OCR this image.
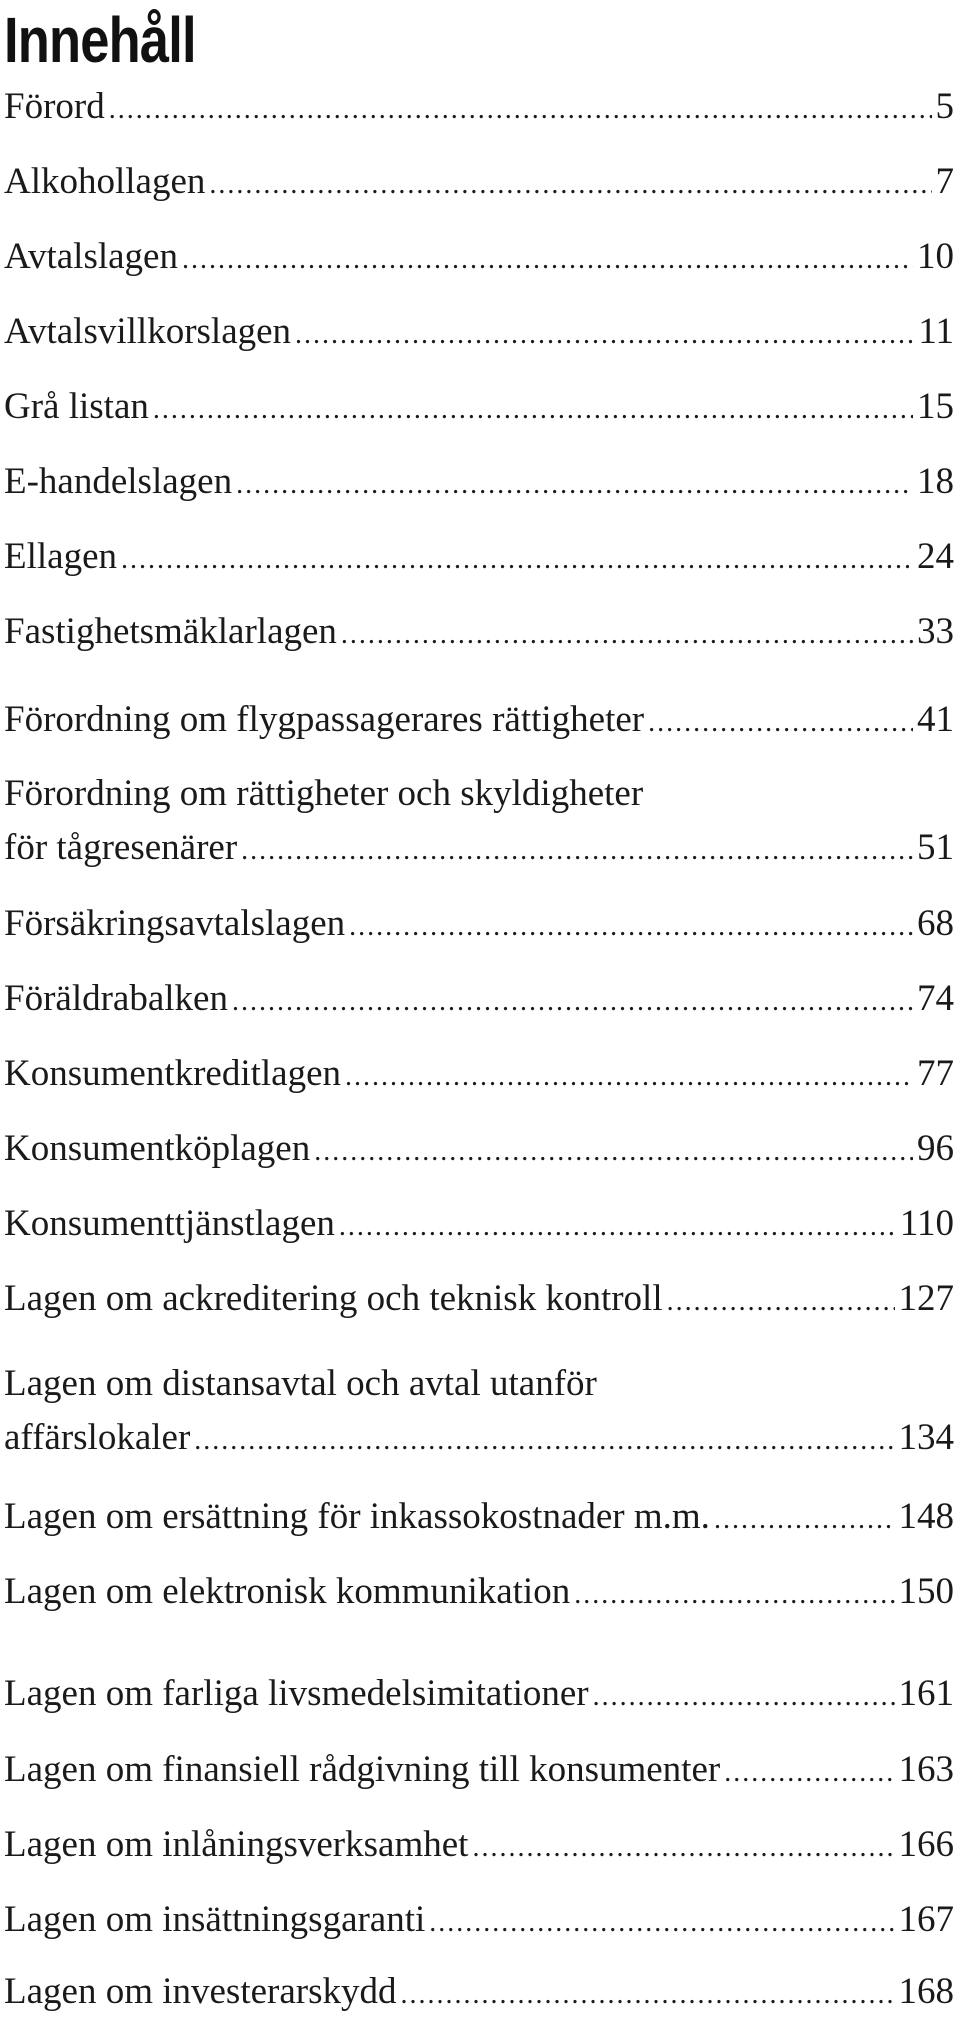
Innehåll
Förord .....	5
Alkohollagen .....	7
Avtalslagen .....	10
Avtalsvillkorslagen .....	11
Grå listan .....	15
E-handelslagen .....	18
Ellagen .....	24
Fastighetsmäklarlagen .....	33
Förordning om flygpassagerares rättigheter .....	41
Förordning om rättigheter och skyldigheter
för tågresenärer .....	51
Försäkringsavtalslagen .....	68
Föräldrabalken .....	74
Konsumentkreditlagen .....	77
Konsumentköplagen .....	96
Konsumenttjänstlagen .....	110
Lagen om ackreditering och teknisk kontroll .....	127
Lagen om distansavtal och avtal utanför
affärslokaler .....	134
Lagen om ersättning för inkassokostnader m.m. .....	148
Lagen om elektronisk kommunikation .....	150
Lagen om farliga livsmedelsimitationer .....	161
Lagen om finansiell rådgivning till konsumenter .....	163
Lagen om inlåningsverksamhet .....	166
Lagen om insättningsgaranti .....	167
Lagen om investerarskydd .....	168
